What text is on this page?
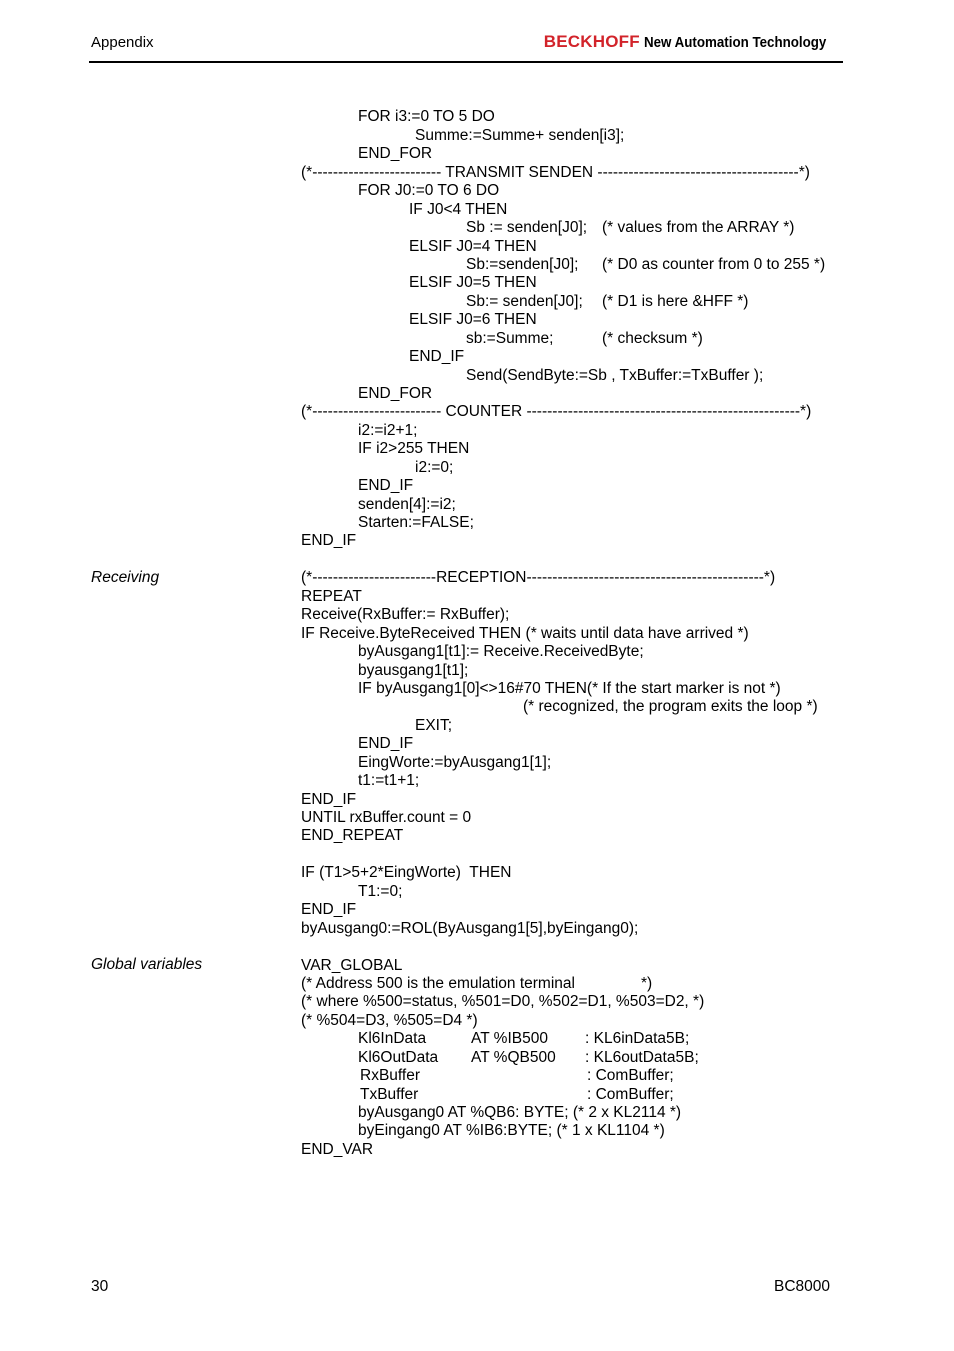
Appendix	BECKHOFF New Automation Technology
Receiving
Global variables
FOR i3:=0 TO 5 DO
Summe:=Summe+ senden[i3];
END_FOR
(*------------------------- TRANSMIT SENDEN ---------------------------------------*)
FOR J0:=0 TO 6 DO
IF J0<4 THEN
Sb := senden[J0]; (* values from the ARRAY *)
ELSIF J0=4 THEN
Sb:=senden[J0]; (* D0 as counter from 0 to 255 *)
ELSIF J0=5 THEN
Sb:= senden[J0]; (* D1 is here &HFF *)
ELSIF J0=6 THEN
sb:=Summe;	(* checksum *)
END_IF
Send(SendByte:=Sb , TxBuffer:=TxBuffer );
END_FOR
(*------------------------- COUNTER -----------------------------------------------------*)
i2:=i2+1;
IF i2>255 THEN
i2:=0;
END_IF
senden[4]:=i2;
Starten:=FALSE;
END_IF
(*------------------------RECEPTION----------------------------------------------*)
REPEAT
Receive(RxBuffer:= RxBuffer);
IF Receive.ByteReceived THEN (* waits until data have arrived *)
byAusgang1[t1]:= Receive.ReceivedByte;
byausgang1[t1];
IF byAusgang1[0]<>16#70 THEN(* If the start marker is not *)
(* recognized, the program exits the loop *)
EXIT;
END_IF
EingWorte:=byAusgang1[1];
t1:=t1+1;
END_IF
UNTIL rxBuffer.count = 0
END_REPEAT
IF (T1>5+2*EingWorte)  THEN
T1:=0;
END_IF
byAusgang0:=ROL(ByAusgang1[5],byEingang0);
VAR_GLOBAL
(* Address 500 is the emulation terminal	*)
(* where %500=status, %501=D0, %502=D1, %503=D2, *)
(* %504=D3, %505=D4 *)
Kl6InData	AT %IB500 : KL6inData5B;
Kl6OutData AT %QB500 : KL6outData5B;
RxBuffer	: ComBuffer;
TxBuffer	: ComBuffer;
byAusgang0 AT %QB6: BYTE; (* 2 x KL2114 *)
byEingang0 AT %IB6:BYTE; (* 1 x KL1104 *)
END_VAR
30	BC8000
